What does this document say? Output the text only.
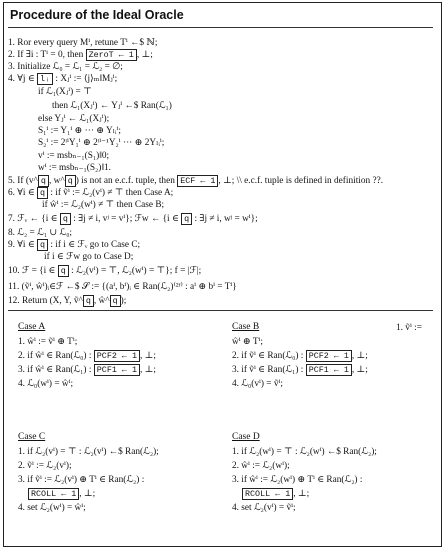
Procedure of the Ideal Oracle
1. Ror every query Mⁱ, retune Tⁱ ←$ ℕ;
2. If ∃i : Tⁱ = 0, then ZeroT ← 1 , ⊥;
3. Initialize ℒ₀ = ℒ₁ = ℒ₂ = ∅;
4. ∀j ∈ lᵢ : Xⱼⁱ := ⟨j⟩ₘ‖Mⱼⁱ;
if ℒ₁(Xⱼⁱ) = ⊤
then ℒ₁(Xⱼⁱ) ← Yⱼⁱ ←$ Ran(ℒ₁)
else Yⱼⁱ ← ℒ₁(Xⱼⁱ);
S₁ⁱ := Y₁ⁱ ⊕ ··· ⊕ Yₗᵢⁱ;
S₂ⁱ := 2ˡⁱY₁ⁱ ⊕ 2ˡⁱ⁻¹Y₂ⁱ ··· ⊕ 2Yₗᵢⁱ;
vⁱ := msbₙ₋₁(S₁)‖0;
wⁱ := msbₙ₋₁(S₂)‖1.
5. If (v^ q , w^ q ) is not an e.c.f. tuple, then ECF ← 1 , ⊥; \\ e.c.f. tuple is defined in definition ??.
6. ∀i ∈ q : if ṽⁱ := ℒ₂(vⁱ) ≠ ⊤ then Case A;
if ŵⁱ := ℒ₂(wⁱ) ≠ ⊤ then Case B;
7. ℱᵥ ← {i ∈ q : ∃j ≠ i, vʲ = vⁱ}; ℱw ← {i ∈ q : ∃j ≠ i, wʲ = wⁱ};
8. ℒ₂ = ℒ₁ ∪ ℒ₀;
9. ∀i ∈ q : if i ∈ ℱᵥ go to Case C;
if i ∈ ℱw go to Case D;
10. ℱ = {i ∈ q : ℒ₂(vⁱ) = ⊤, ℒ₂(wⁱ) = ⊤}; f = |ℱ|;
11. (ṽⁱ, ŵⁱ)ᵢ∈ℱ ←$ 𝒮 := {(aⁱ, bⁱ)ᵢ ∈ Ran(ℒ₂)⁽²ᶠ⁾ : aⁱ ⊕ bⁱ = Tⁱ}
12. Return (X, Y, ṽ^ q , ŵ^ q );
Case A	Case B	1. ṽⁱ :=
Case C	Case D
1. ŵⁱ := ṽⁱ ⊕ Tⁱ;
2. if ŵⁱ ∈ Ran(ℒ₀) : PCF2 ← 1 , ⊥;
3. if ŵⁱ ∈ Ran(ℒ₁) : PCF1 ← 1 , ⊥;
4. ℒ₀(wⁱ) = ŵⁱ;
ŵⁱ ⊕ Tⁱ;
2. if ṽⁱ ∈ Ran(ℒ₀) : PCF2 ← 1 , ⊥;
3. if ṽⁱ ∈ Ran(ℒ₁) : PCF1 ← 1 , ⊥;
4. ℒ₀(vⁱ) = ṽⁱ;
1. if ℒ₂(vⁱ) = ⊤ : ℒ₂(vⁱ) ←$ Ran(ℒ₂);
2. ṽⁱ := ℒ₂(vⁱ);
3. if ṽⁱ := ℒ₂(vⁱ) ⊕ Tⁱ ∈ Ran(ℒ₂) :
RCOLL ← 1 , ⊥;
4. set ℒ₂(wⁱ) = ŵⁱ;
1. if ℒ₂(wⁱ) = ⊤ : ℒ₂(wⁱ) ←$ Ran(ℒ₂);
2. ŵⁱ := ℒ₂(wⁱ);
3. if ŵⁱ := ℒ₂(wⁱ) ⊕ Tⁱ ∈ Ran(ℒ₂) :
RCOLL ← 1 , ⊥;
4. set ℒ₂(vⁱ) = ṽⁱ;
